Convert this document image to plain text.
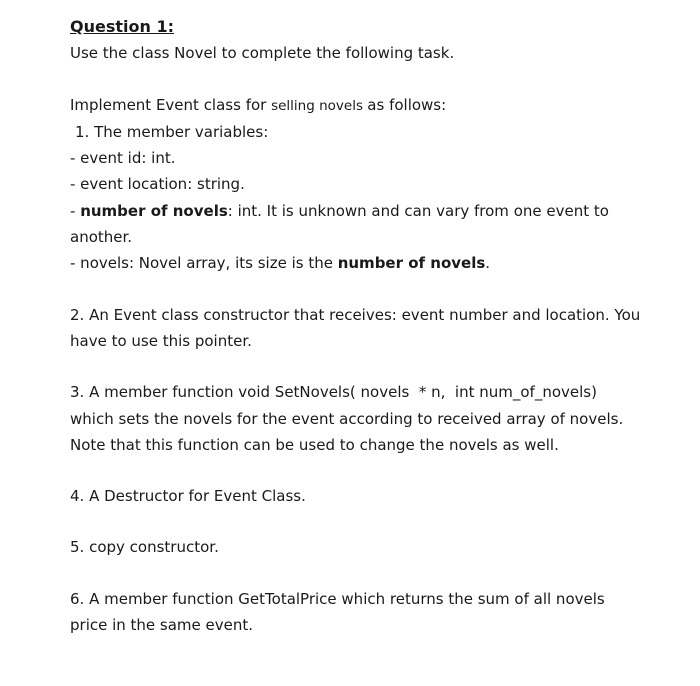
Question 1:
Use the class Novel to complete the following task.
Implement Event class for selling novels as follows:
1. The member variables:
- event id: int.
- event location: string.
- number of novels: int. It is unknown and can vary from one event to
another.
- novels: Novel array, its size is the number of novels.
2. An Event class constructor that receives: event number and location. You
have to use this pointer.
3. A member function void SetNovels( novels  * n,  int num_of_novels)
which sets the novels for the event according to received array of novels.
Note that this function can be used to change the novels as well.
4. A Destructor for Event Class.
5. copy constructor.
6. A member function GetTotalPrice which returns the sum of all novels
price in the same event.
